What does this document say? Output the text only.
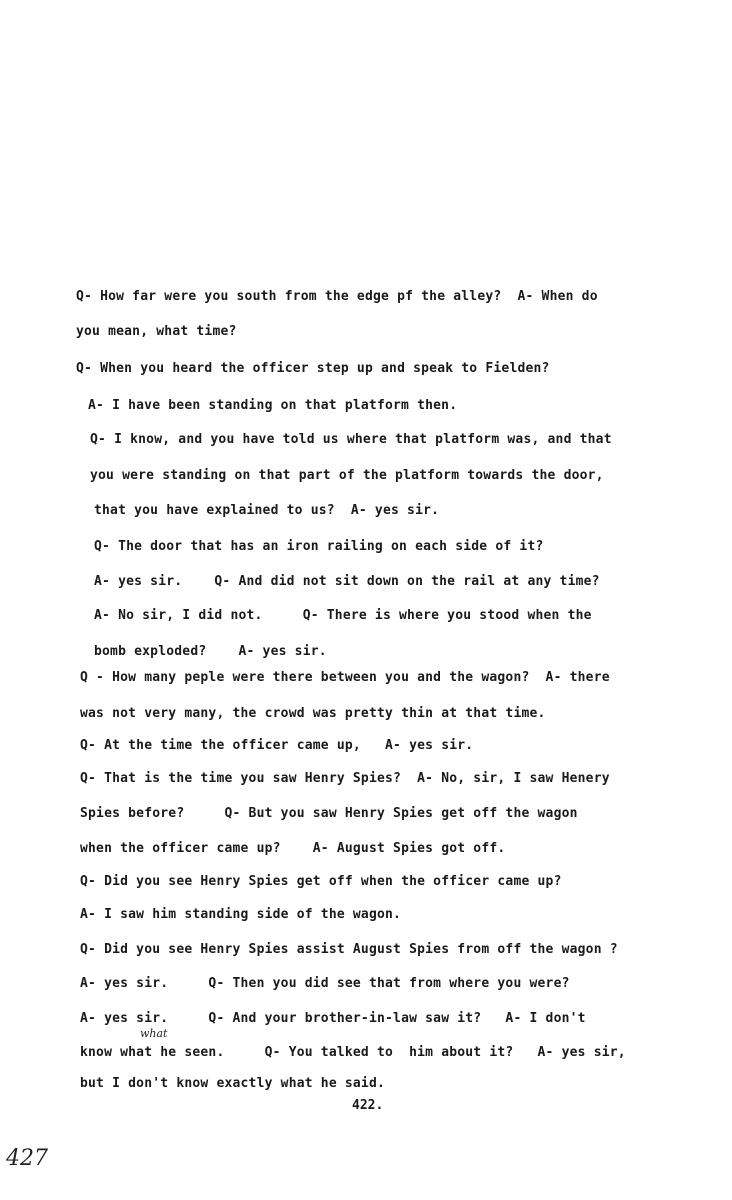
Q- How far were you south from the edge pf the alley?  A- When do
you mean, what time?
Q- When you heard the officer step up and speak to Fielden?
A- I have been standing on that platform then.
Q- I know, and you have told us where that platform was, and that
you were standing on that part of the platform towards the door,
that you have explained to us?  A- yes sir.
Q- The door that has an iron railing on each side of it?
A- yes sir.    Q- And did not sit down on the rail at any time?
A- No sir, I did not.     Q- There is where you stood when the
bomb exploded?    A- yes sir.
Q - How many peple were there between you and the wagon?  A- there
was not very many, the crowd was pretty thin at that time.
Q- At the time the officer came up,   A- yes sir.
Q- That is the time you saw Henry Spies?  A- No, sir, I saw Henery
Spies before?     Q- But you saw Henry Spies get off the wagon
when the officer came up?    A- August Spies got off.
Q- Did you see Henry Spies get off when the officer came up?
A- I saw him standing side of the wagon.
Q- Did you see Henry Spies assist August Spies from off the wagon ?
A- yes sir.     Q- Then you did see that from where you were?
A- yes sir.     Q- And your brother-in-law saw it?   A- I don't
know what he seen.     Q- You talked to  him about it?   A- yes sir,
but I don't know exactly what he said.
what
422.
427
